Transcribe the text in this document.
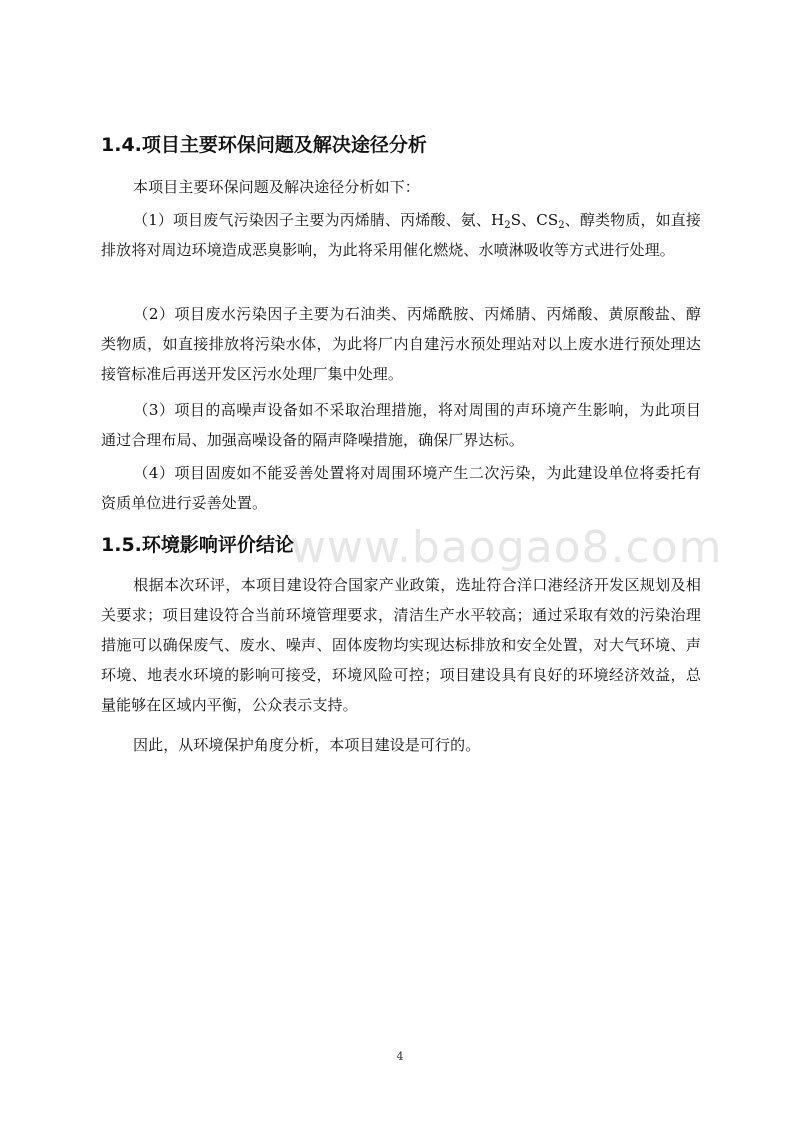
www.baogao8.com
1.4.项目主要环保问题及解决途径分析
本项目主要环保问题及解决途径分析如下：
（1）项目废气污染因子主要为丙烯腈、丙烯酸、氨、$H_2S$、$CS_2$、醇类物质，如直接排放将对周边环境造成恶臭影响，为此将采用催化燃烧、水喷淋吸收等方式进行处理。
（2）项目废水污染因子主要为石油类、丙烯酰胺、丙烯腈、丙烯酸、黄原酸盐、醇类物质，如直接排放将污染水体，为此将厂内自建污水预处理站对以上废水进行预处理达接管标准后再送开发区污水处理厂集中处理。
（3）项目的高噪声设备如不采取治理措施，将对周围的声环境产生影响，为此项目通过合理布局、加强高噪设备的隔声降噪措施，确保厂界达标。
（4）项目固废如不能妥善处置将对周围环境产生二次污染，为此建设单位将委托有资质单位进行妥善处置。
1.5.环境影响评价结论
根据本次环评，本项目建设符合国家产业政策，选址符合洋口港经济开发区规划及相关要求；项目建设符合当前环境管理要求，清洁生产水平较高；通过采取有效的污染治理措施可以确保废气、废水、噪声、固体废物均实现达标排放和安全处置，对大气环境、声环境、地表水环境的影响可接受，环境风险可控；项目建设具有良好的环境经济效益，总量能够在区域内平衡，公众表示支持。
因此，从环境保护角度分析，本项目建设是可行的。
4
